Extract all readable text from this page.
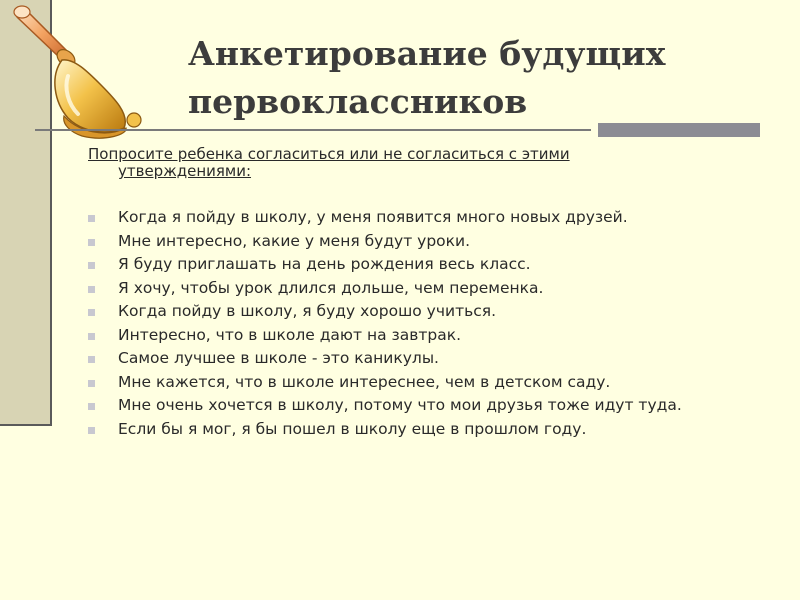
Анкетирование будущих
первоклассников
Попросите ребенка согласиться или не согласиться с этими
утверждениями:
Когда я пойду в школу, у меня появится много новых друзей.
Мне интересно, какие у меня будут уроки.
Я буду приглашать на день рождения весь класс.
Я хочу, чтобы урок длился дольше, чем переменка.
Когда пойду в школу, я буду хорошо учиться.
Интересно, что в школе дают на завтрак.
Самое лучшее в школе - это каникулы.
Мне кажется, что в школе интереснее, чем в детском саду.
Мне очень хочется в школу, потому что мои друзья тоже идут туда.
Если бы я мог, я бы пошел в школу еще в прошлом году.
